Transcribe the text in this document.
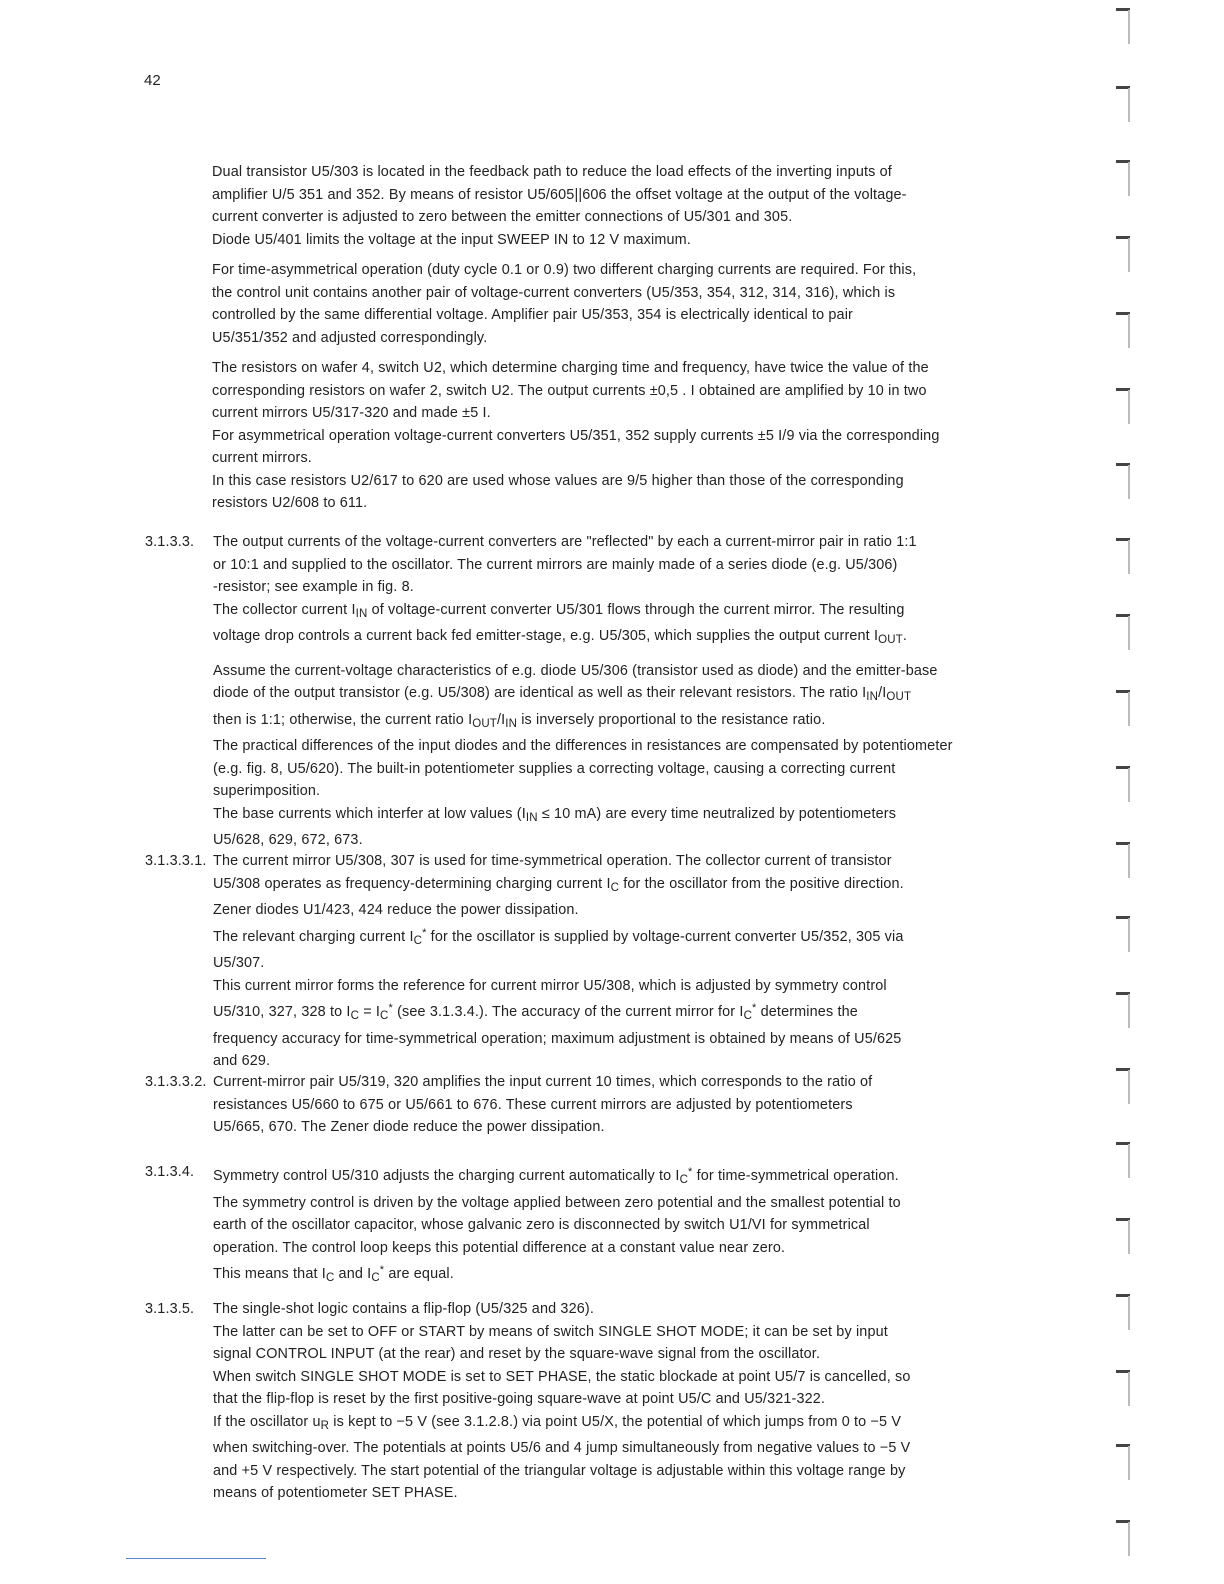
42

Dual transistor U5/303 is located in the feedback path to reduce the load effects of the inverting inputs of

amplifier U/5 351 and 352. By means of resistor U5/605||606 the offset voltage at the output of the voltage-

current converter is adjusted to zero between the emitter connections of U5/301 and 305.

Diode U5/401 limits the voltage at the input SWEEP IN to 12 V maximum.

For time-asymmetrical operation (duty cycle 0.1 or 0.9) two different charging currents are required. For this,

the control unit contains another pair of voltage-current converters (U5/353, 354, 312, 314, 316), which is

controlled by the same differential voltage. Amplifier pair U5/353, 354 is electrically identical to pair

U5/351/352 and adjusted correspondingly.

The resistors on wafer 4, switch U2, which determine charging time and frequency, have twice the value of the

corresponding resistors on wafer 2, switch U2. The output currents ±0,5 . I obtained are amplified by 10 in two

current mirrors U5/317-320 and made ±5 I.

For asymmetrical operation voltage-current converters U5/351, 352 supply currents ±5 I/9 via the corresponding

current mirrors.

In this case resistors U2/617 to 620 are used whose values are 9/5 higher than those of the corresponding

resistors U2/608 to 611.

3.1.3.3. The output currents of the voltage-current converters are "reflected" by each a current-mirror pair in ratio 1:1

or 10:1 and supplied to the oscillator. The current mirrors are mainly made of a series diode (e.g. U5/306)

-resistor; see example in fig. 8.

The collector current $I_{IN}$ of voltage-current converter U5/301 flows through the current mirror. The resulting

voltage drop controls a current back fed emitter-stage, e.g. U5/305, which supplies the output current $I_{OUT}$.

Assume the current-voltage characteristics of e.g. diode U5/306 (transistor used as diode) and the emitter-base

diode of the output transistor (e.g. U5/308) are identical as well as their relevant resistors. The ratio $I_{IN}/I_{OUT}$

then is 1:1; otherwise, the current ratio $I_{OUT}/I_{IN}$ is inversely proportional to the resistance ratio.

The practical differences of the input diodes and the differences in resistances are compensated by potentiometer

(e.g. fig. 8, U5/620). The built-in potentiometer supplies a correcting voltage, causing a correcting current

superimposition.

The base currents which interfer at low values ($I_{IN} \le 10$ mA) are every time neutralized by potentiometers

U5/628, 629, 672, 673.

3.1.3.3.1. The current mirror U5/308, 307 is used for time-symmetrical operation. The collector current of transistor

U5/308 operates as frequency-determining charging current $I_C$ for the oscillator from the positive direction.

Zener diodes U1/423, 424 reduce the power dissipation.

The relevant charging current $I_C^*$ for the oscillator is supplied by voltage-current converter U5/352, 305 via

U5/307.

This current mirror forms the reference for current mirror U5/308, which is adjusted by symmetry control

U5/310, 327, 328 to $I_C = I_C^*$ (see 3.1.3.4.). The accuracy of the current mirror for $I_C^*$ determines the

frequency accuracy for time-symmetrical operation; maximum adjustment is obtained by means of U5/625

and 629.

3.1.3.3.2. Current-mirror pair U5/319, 320 amplifies the input current 10 times, which corresponds to the ratio of

resistances U5/660 to 675 or U5/661 to 676. These current mirrors are adjusted by potentiometers

U5/665, 670. The Zener diode reduce the power dissipation.

3.1.3.4. Symmetry control U5/310 adjusts the charging current automatically to $I_C^*$ for time-symmetrical operation.

The symmetry control is driven by the voltage applied between zero potential and the smallest potential to

earth of the oscillator capacitor, whose galvanic zero is disconnected by switch U1/VI for symmetrical

operation. The control loop keeps this potential difference at a constant value near zero.

This means that $I_C$ and $I_C^*$ are equal.

3.1.3.5. The single-shot logic contains a flip-flop (U5/325 and 326).

The latter can be set to OFF or START by means of switch SINGLE SHOT MODE; it can be set by input

signal CONTROL INPUT (at the rear) and reset by the square-wave signal from the oscillator.

When switch SINGLE SHOT MODE is set to SET PHASE, the static blockade at point U5/7 is cancelled, so

that the flip-flop is reset by the first positive-going square-wave at point U5/C and U5/321-322.

If the oscillator $u_R$ is kept to −5 V (see 3.1.2.8.) via point U5/X, the potential of which jumps from 0 to −5 V

when switching-over. The potentials at points U5/6 and 4 jump simultaneously from negative values to −5 V

and +5 V respectively. The start potential of the triangular voltage is adjustable within this voltage range by

means of potentiometer SET PHASE.
